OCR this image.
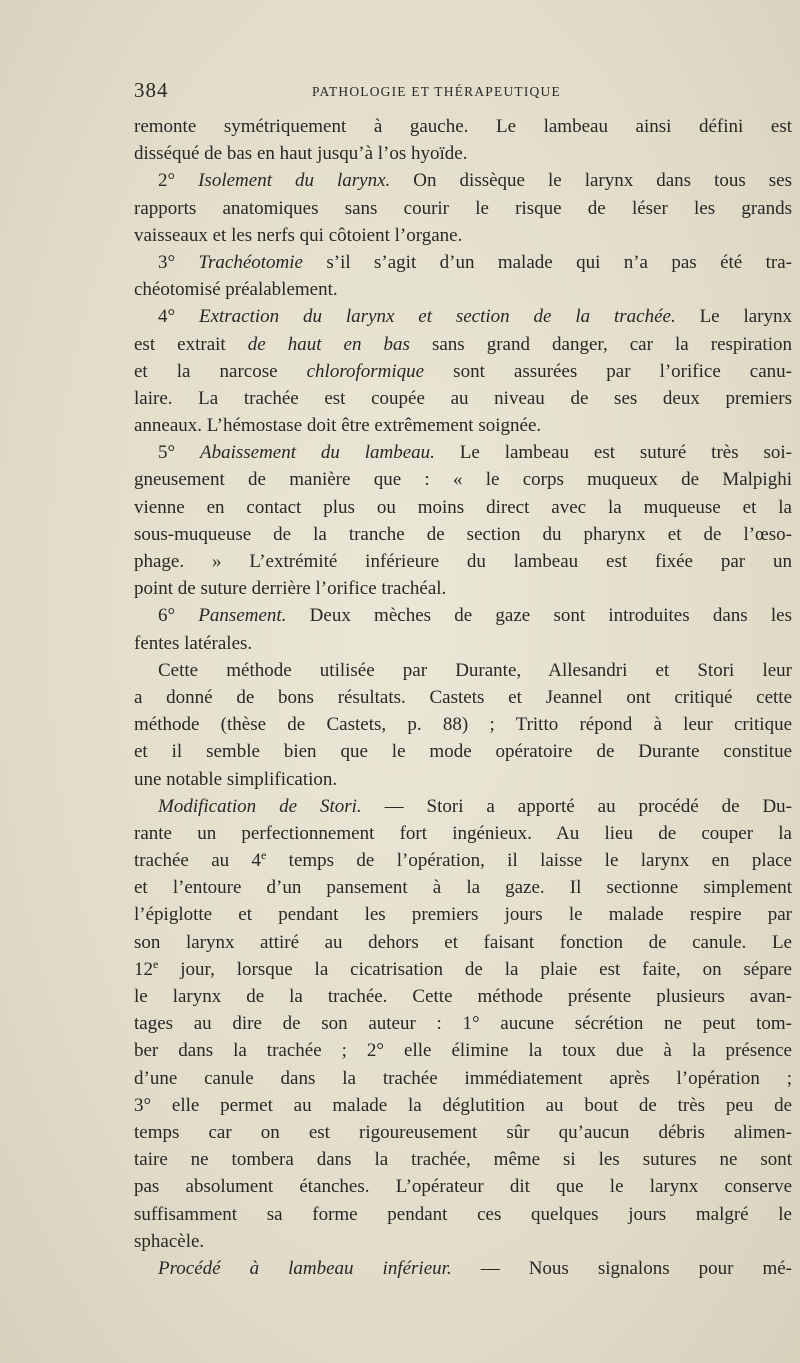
384	PATHOLOGIE ET THÉRAPEUTIQUE
remonte symétriquement à gauche. Le lambeau ainsi défini est
disséqué de bas en haut jusqu’à l’os hyoïde.
2° Isolement du larynx. On dissèque le larynx dans tous ses
rapports anatomiques sans courir le risque de léser les grands
vaisseaux et les nerfs qui côtoient l’organe.
3° Trachéotomie s’il s’agit d’un malade qui n’a pas été tra-
chéotomisé préalablement.
4° Extraction du larynx et section de la trachée. Le larynx
est extrait de haut en bas sans grand danger, car la respiration
et la narcose chloroformique sont assurées par l’orifice canu-
laire. La trachée est coupée au niveau de ses deux premiers
anneaux. L’hémostase doit être extrêmement soignée.
5° Abaissement du lambeau. Le lambeau est suturé très soi-
gneusement de manière que : « le corps muqueux de Malpighi
vienne en contact plus ou moins direct avec la muqueuse et la
sous-muqueuse de la tranche de section du pharynx et de l’œso-
phage. » L’extrémité inférieure du lambeau est fixée par un
point de suture derrière l’orifice trachéal.
6° Pansement. Deux mèches de gaze sont introduites dans les
fentes latérales.
Cette méthode utilisée par Durante, Allesandri et Stori leur
a donné de bons résultats. Castets et Jeannel ont critiqué cette
méthode (thèse de Castets, p. 88) ; Tritto répond à leur critique
et il semble bien que le mode opératoire de Durante constitue
une notable simplification.
Modification de Stori. — Stori a apporté au procédé de Du-
rante un perfectionnement fort ingénieux. Au lieu de couper la
trachée au 4e temps de l’opération, il laisse le larynx en place
et l’entoure d’un pansement à la gaze. Il sectionne simplement
l’épiglotte et pendant les premiers jours le malade respire par
son larynx attiré au dehors et faisant fonction de canule. Le
12e jour, lorsque la cicatrisation de la plaie est faite, on sépare
le larynx de la trachée. Cette méthode présente plusieurs avan-
tages au dire de son auteur : 1° aucune sécrétion ne peut tom-
ber dans la trachée ; 2° elle élimine la toux due à la présence
d’une canule dans la trachée immédiatement après l’opération ;
3° elle permet au malade la déglutition au bout de très peu de
temps car on est rigoureusement sûr qu’aucun débris alimen-
taire ne tombera dans la trachée, même si les sutures ne sont
pas absolument étanches. L’opérateur dit que le larynx conserve
suffisamment sa forme pendant ces quelques jours malgré le
sphacèle.
Procédé à lambeau inférieur. — Nous signalons pour mé-
